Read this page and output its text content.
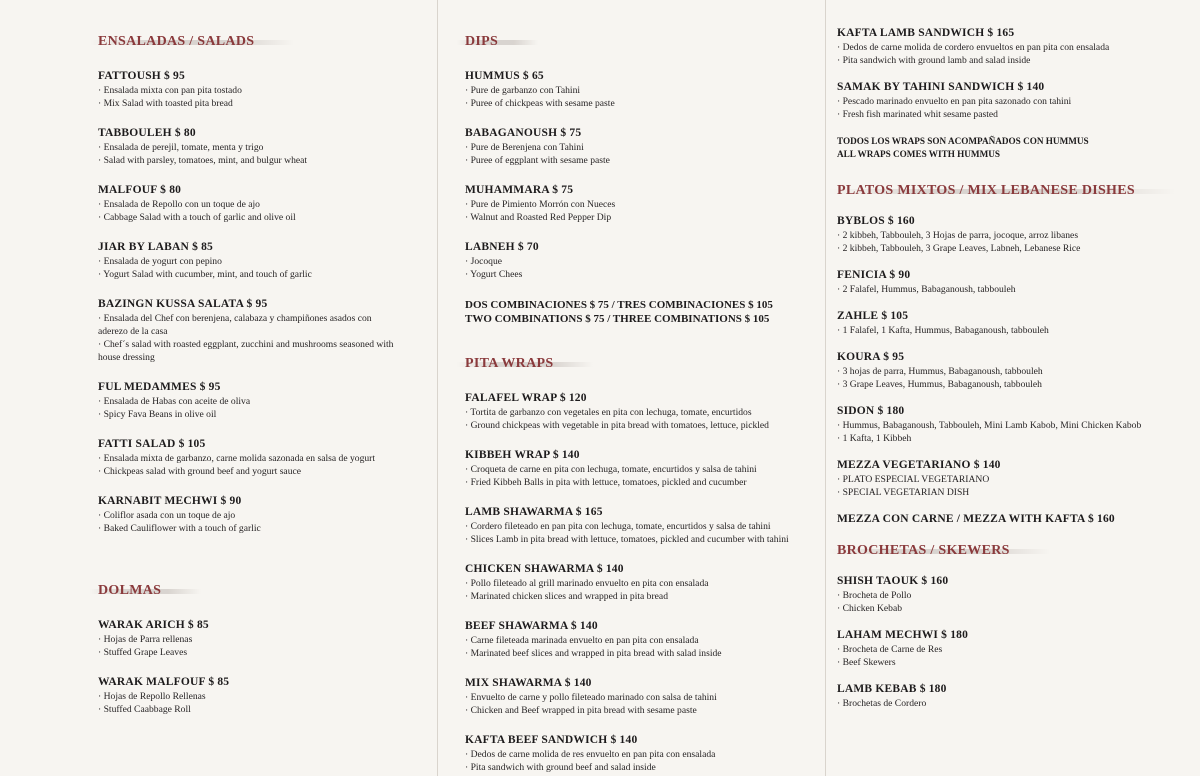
ENSALADAS / SALADS
FATTOUSH $ 95
· Ensalada mixta con pan pita tostado
· Mix Salad with toasted pita bread
TABBOULEH $ 80
· Ensalada de perejil, tomate, menta y trigo
· Salad with parsley, tomatoes, mint, and bulgur wheat
MALFOUF $ 80
· Ensalada de Repollo con un toque de ajo
· Cabbage Salad with a touch of garlic and olive oil
JIAR BY LABAN $ 85
· Ensalada de yogurt con pepino
· Yogurt Salad with cucumber, mint, and touch of garlic
BAZINGN KUSSA SALATA $ 95
· Ensalada del Chef con berenjena, calabaza y champiñones asados con aderezo de la casa
· Chef´s salad with roasted eggplant, zucchini and mushrooms seasoned with house dressing
FUL MEDAMMES $ 95
· Ensalada de Habas con aceite de oliva
· Spicy Fava Beans in olive oil
FATTI SALAD $ 105
· Ensalada mixta de garbanzo, carne molida sazonada en salsa de yogurt
· Chickpeas salad with ground beef and yogurt sauce
KARNABIT MECHWI $ 90
· Coliflor asada con un toque de ajo
· Baked Cauliflower with a touch of garlic
DOLMAS
WARAK ARICH $ 85
· Hojas de Parra rellenas
· Stuffed Grape Leaves
WARAK MALFOUF $ 85
· Hojas de Repollo Rellenas
· Stuffed Caabbage Roll
DIPS
HUMMUS $ 65
· Pure de garbanzo con Tahini
· Puree of chickpeas with sesame paste
BABAGANOUSH $ 75
· Pure de Berenjena con Tahini
· Puree of eggplant with sesame paste
MUHAMMARA $ 75
· Pure de Pimiento Morrón con Nueces
· Walnut and Roasted Red Pepper Dip
LABNEH $ 70
· Jocoque
· Yogurt Chees
DOS COMBINACIONES $ 75 / TRES COMBINACIONES $ 105
TWO COMBINATIONS $ 75 / THREE COMBINATIONS $ 105
PITA WRAPS
FALAFEL WRAP $ 120
· Tortita de garbanzo con vegetales en pita con lechuga, tomate, encurtidos
· Ground chickpeas with vegetable in pita bread with tomatoes, lettuce, pickled
KIBBEH WRAP $ 140
· Croqueta de carne en pita con lechuga, tomate, encurtidos y salsa de tahini
· Fried Kibbeh Balls in pita with lettuce, tomatoes, pickled and cucumber
LAMB SHAWARMA $ 165
· Cordero fileteado en pan pita con lechuga, tomate, encurtidos y salsa de tahini
· Slices Lamb in pita bread with lettuce, tomatoes, pickled and cucumber with tahini
CHICKEN SHAWARMA $ 140
· Pollo fileteado al grill marinado envuelto en pita con ensalada
· Marinated chicken slices and wrapped in pita bread
BEEF SHAWARMA $ 140
· Carne fileteada marinada envuelto en pan pita con ensalada
· Marinated beef slices and wrapped in pita bread with salad inside
MIX SHAWARMA $ 140
· Envuelto de carne y pollo fileteado marinado con salsa de tahini
· Chicken and Beef wrapped in pita bread with sesame paste
KAFTA BEEF SANDWICH $ 140
· Dedos de carne molida de res envuelto en pan pita con ensalada
· Pita sandwich with ground beef and salad inside
KAFTA LAMB SANDWICH $ 165
· Dedos de carne molida de cordero envueltos en pan pita con ensalada
· Pita sandwich with ground lamb and salad inside
SAMAK BY TAHINI SANDWICH $ 140
· Pescado marinado envuelto en pan pita sazonado con tahini
· Fresh fish marinated whit sesame pasted
TODOS LOS WRAPS SON ACOMPAÑADOS CON HUMMUS
ALL WRAPS COMES WITH HUMMUS
PLATOS MIXTOS / MIX LEBANESE DISHES
BYBLOS $ 160
· 2 kibbeh, Tabbouleh, 3 Hojas de parra, jocoque, arroz libanes
· 2 kibbeh, Tabbouleh, 3 Grape Leaves, Labneh, Lebanese Rice
FENICIA $ 90
· 2 Falafel, Hummus, Babaganoush, tabbouleh
ZAHLE $ 105
· 1 Falafel, 1 Kafta, Hummus, Babaganoush, tabbouleh
KOURA $ 95
· 3 hojas de parra, Hummus, Babaganoush, tabbouleh
· 3 Grape Leaves, Hummus, Babaganoush, tabbouleh
SIDON $ 180
· Hummus, Babaganoush, Tabbouleh, Mini Lamb Kabob, Mini Chicken Kabob
· 1 Kafta, 1 Kibbeh
MEZZA VEGETARIANO $ 140
· PLATO ESPECIAL VEGETARIANO
· SPECIAL VEGETARIAN DISH
MEZZA CON CARNE / MEZZA WITH KAFTA $ 160
BROCHETAS / SKEWERS
SHISH TAOUK $ 160
· Brocheta de Pollo
· Chicken Kebab
LAHAM MECHWI $ 180
· Brocheta de Carne de Res
· Beef Skewers
LAMB KEBAB $ 180
· Brochetas de Cordero
